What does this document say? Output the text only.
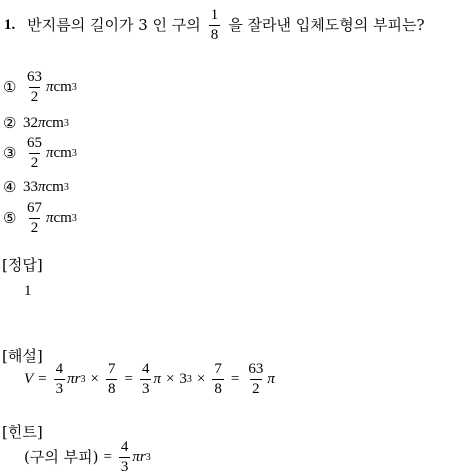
1. 반지름의 길이가 3 인 구의 $\frac{1}{8}$ 을 잘라낸 입체도형의 부피는?
① $\frac{63}{2}$ π cm 3
② 32 π cm 3
③ $\frac{65}{2}$ π cm 3
④ 33 π cm 3
⑤ $\frac{67}{2}$ π cm 3
[정답]
1
[해설]
$V = \frac{4}{3}$ πr $3 \times \frac{7}{8} = \frac{4}{3}$ π × 3 $3 \times \frac{7}{8} = \frac{63}{2}$ π
[힌트]
(구의 부피) = $\frac{4}{3}$ πr 3
